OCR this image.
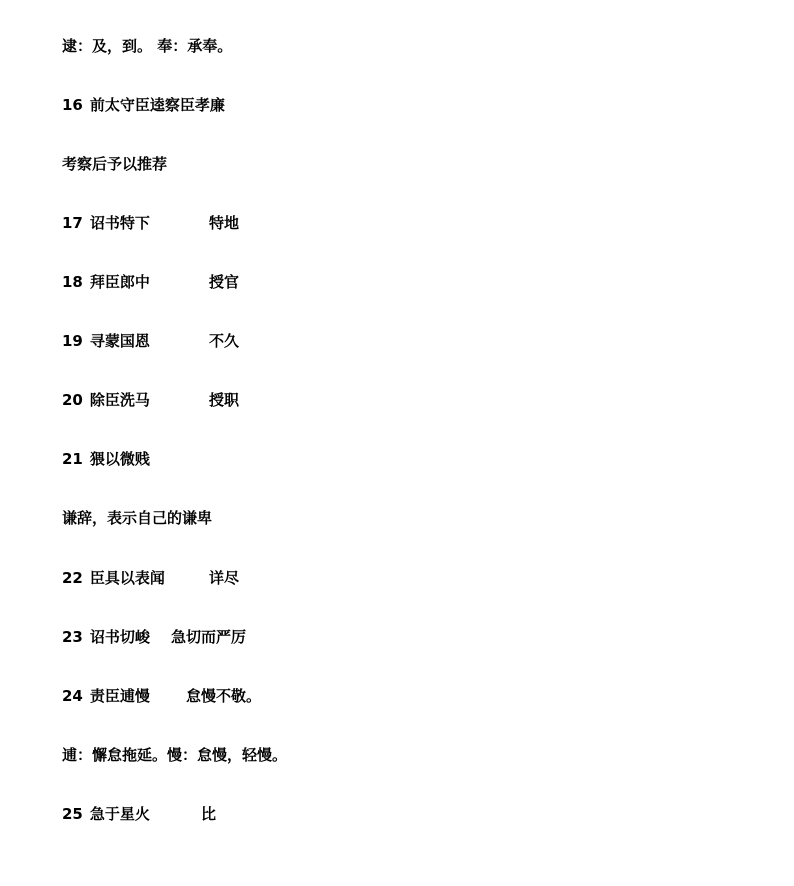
逮：及，到。 奉：承奉。
16 前太守臣逵察臣孝廉
考察后予以推荐
17 诏书特下	特地
18 拜臣郎中	授官
19 寻蒙国恩	不久
20 除臣洗马	授职
21 猥以微贱
谦辞，表示自己的谦卑
22 臣具以表闻	详尽
23 诏书切峻 急切而严厉
24 责臣逋慢 怠慢不敬。
逋：懈怠拖延。慢：怠慢，轻慢。
25 急于星火	比
